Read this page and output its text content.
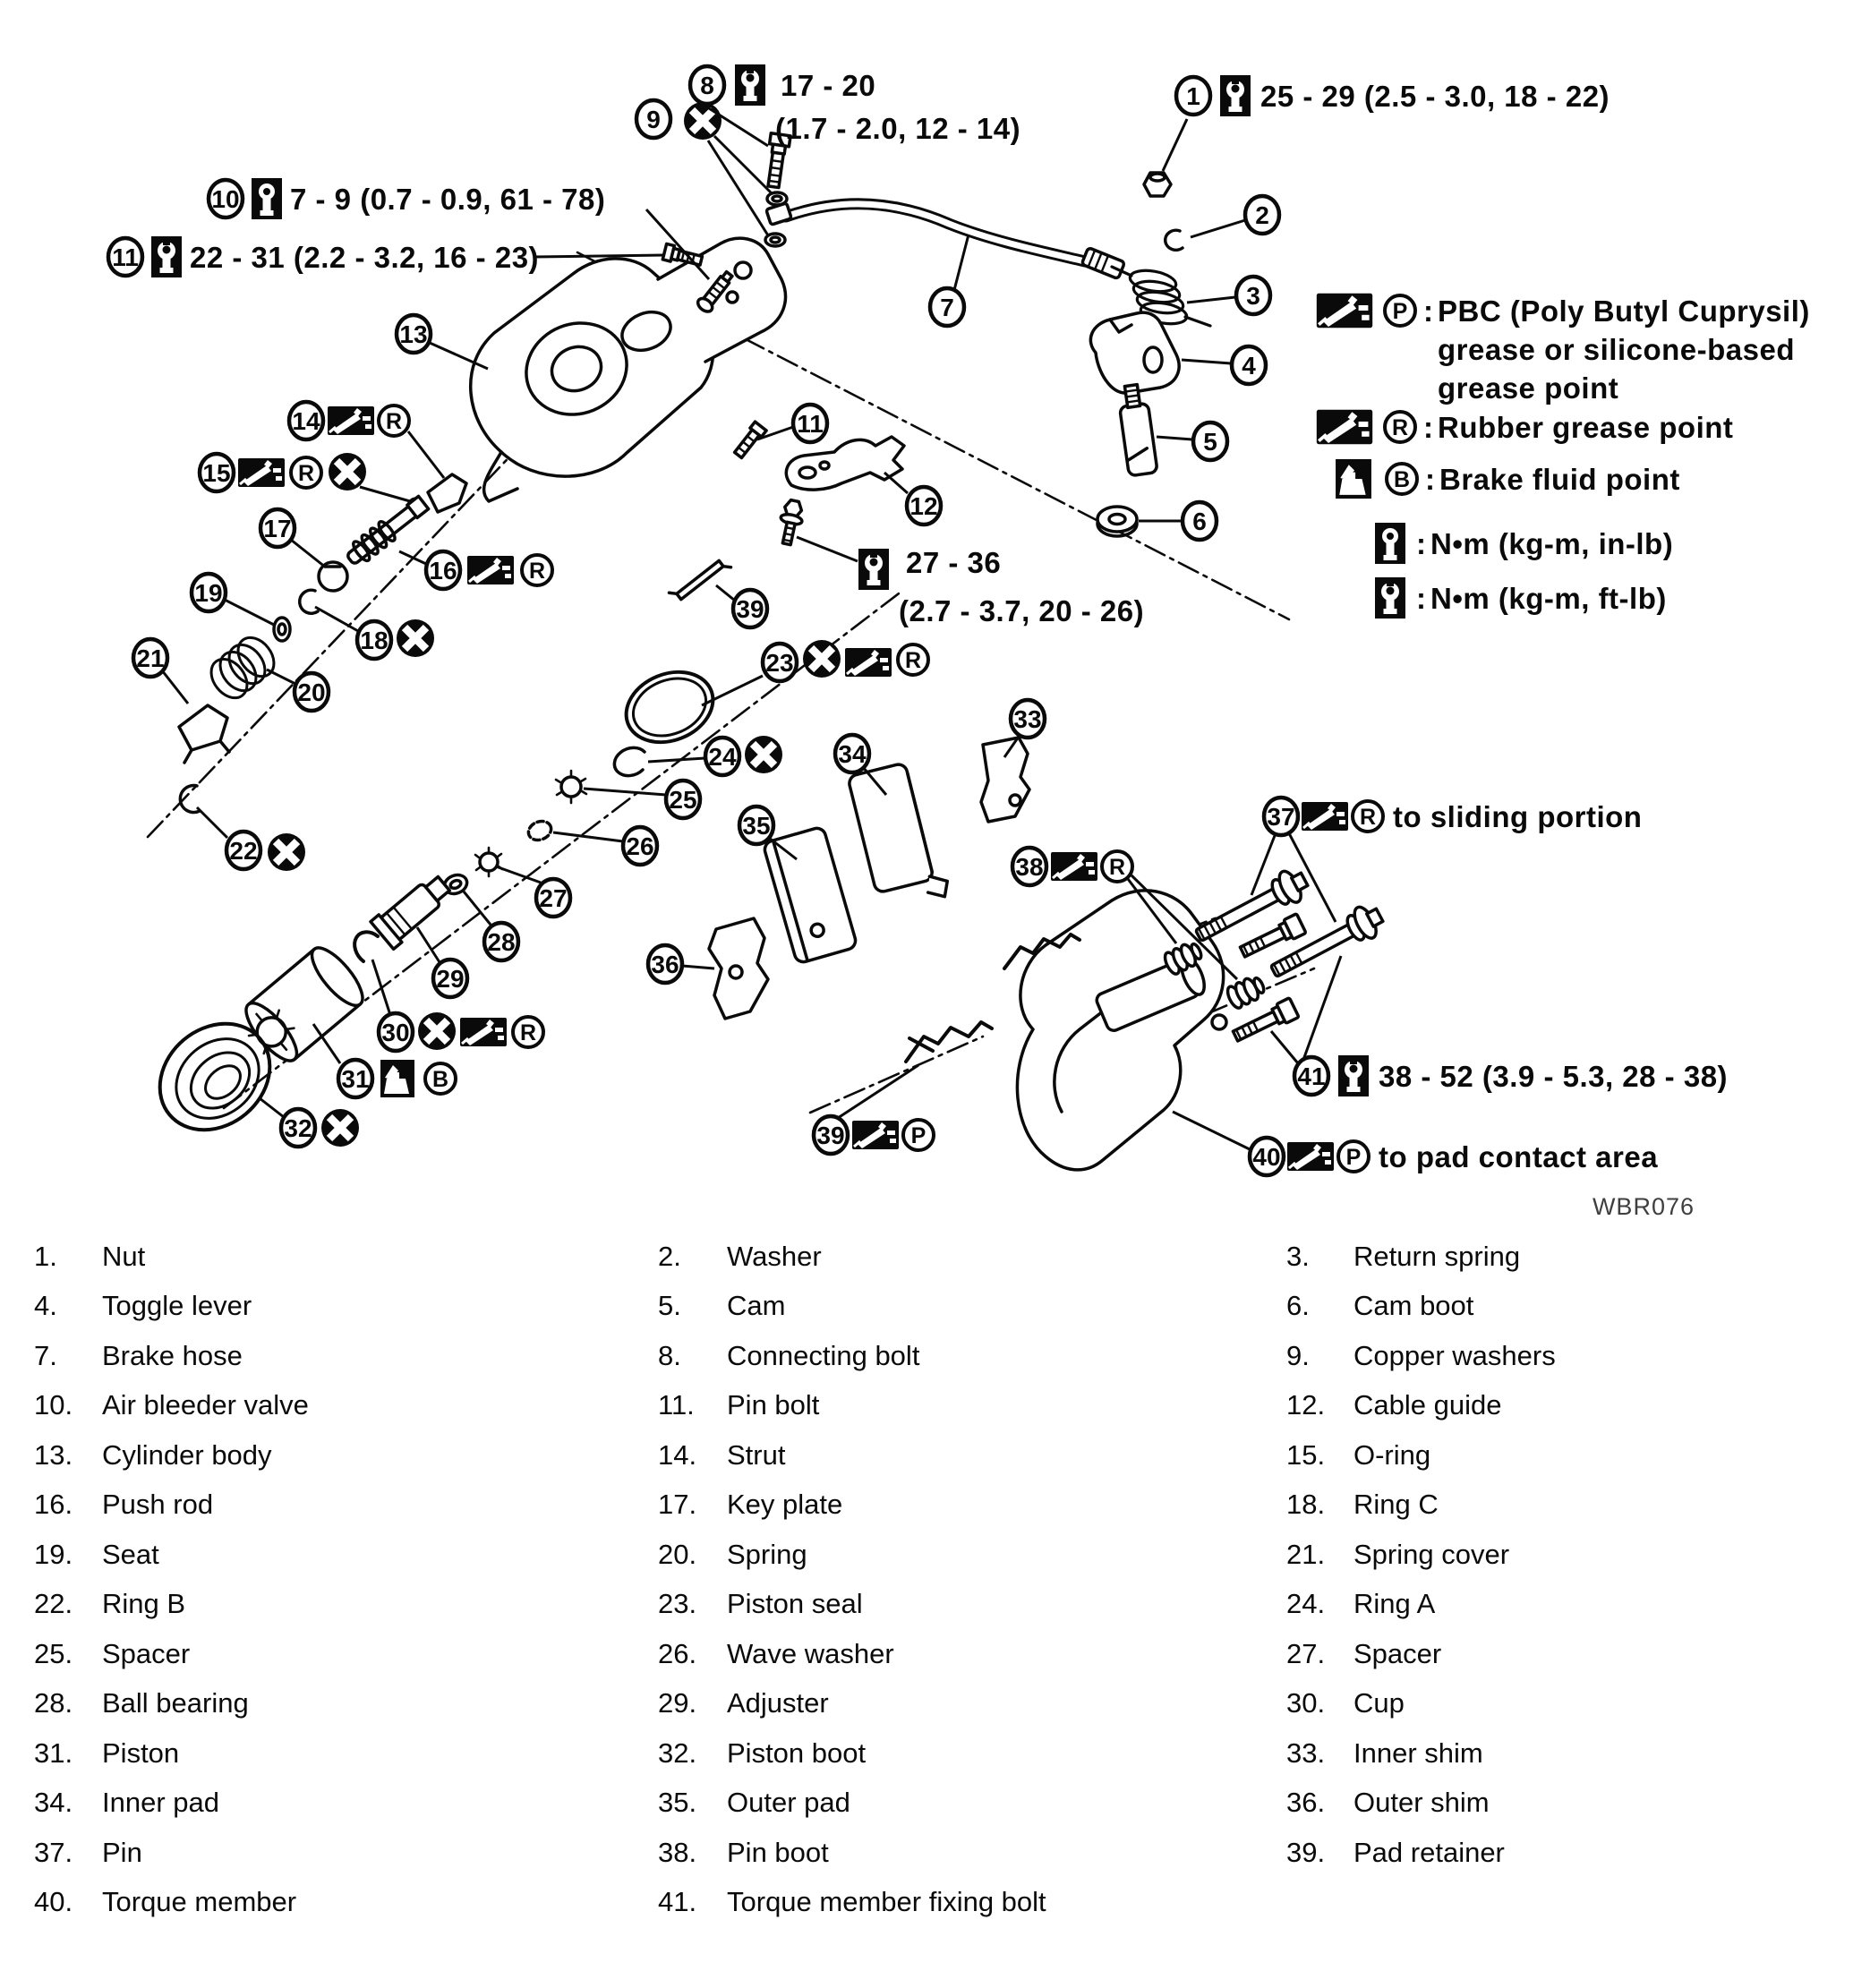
9
8 17 - 20
(1.7 - 2.0, 12 - 14)
1 25 - 29 (2.5 - 3.0, 18 - 22)
2
10 7 - 9 (0.7 - 0.9, 61 - 78)
11 22 - 31 (2.2 - 3.2, 16 - 23)
13
3
4
5
6
7
11
12
27 - 36
(2.7 - 3.7, 20 - 26)
14	R
15	R
16	R
17
18
19
20
21
22
23	R
24
25
26
27
28
29
30	R
31	B
32
33
34
35
36
39
37	R to sliding portion
38	R
39	P
40	P to pad contact area
41 38 - 52 (3.9 - 5.3, 28 - 38)
P : PBC (Poly Butyl Cuprysil)
grease or silicone-based
grease point
R : Rubber grease point
B : Brake fluid point
: N•m (kg-m, in-lb)
: N•m (kg-m, ft-lb)
WBR076
1.	Nut	2.	Washer	3.	Return spring
4.	Toggle lever	5.	Cam	6.	Cam boot
7.	Brake hose	8.	Connecting bolt	9.	Copper washers
10.	Air bleeder valve	11.	Pin bolt	12.	Cable guide
13.	Cylinder body	14.	Strut	15.	O-ring
16.	Push rod	17.	Key plate	18.	Ring C
19.	Seat	20.	Spring	21.	Spring cover
22.	Ring B	23.	Piston seal	24.	Ring A
25.	Spacer	26.	Wave washer	27.	Spacer
28.	Ball bearing	29.	Adjuster	30.	Cup
31.	Piston	32.	Piston boot	33.	Inner shim
34.	Inner pad	35.	Outer pad	36.	Outer shim
37.	Pin	38.	Pin boot	39.	Pad retainer
40.	Torque member	41.	Torque member fixing bolt
